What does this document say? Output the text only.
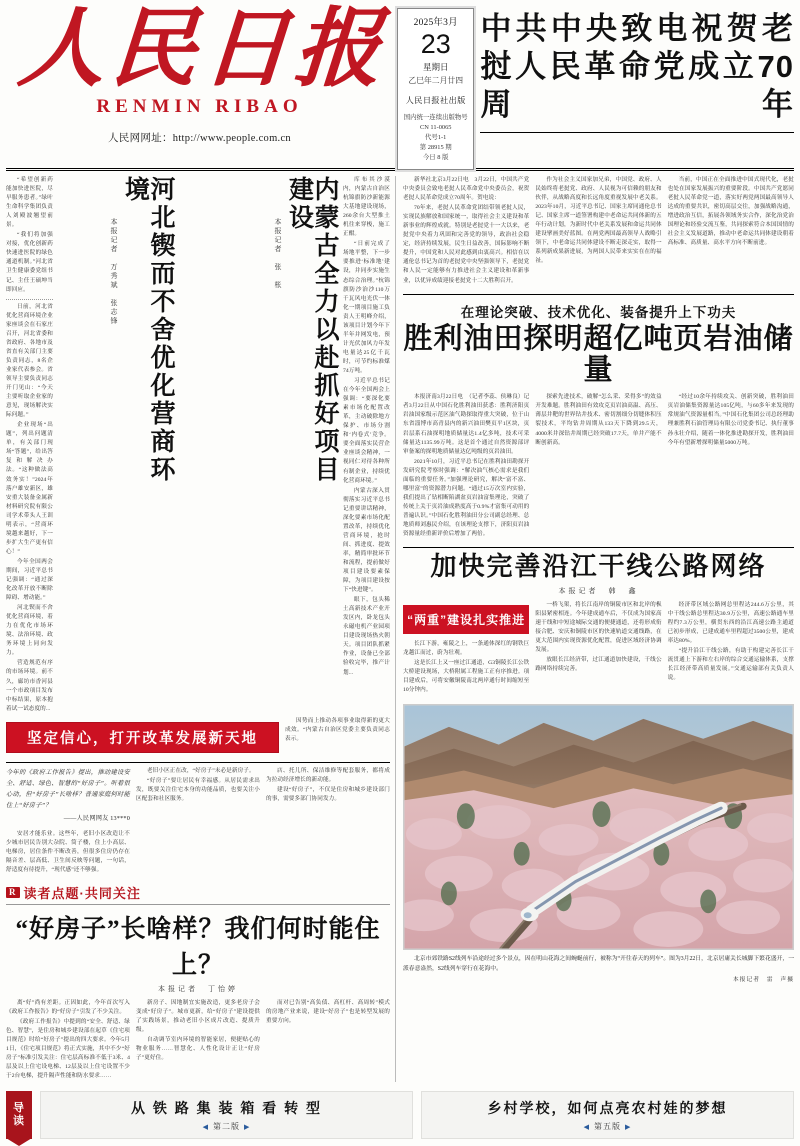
人民日报
RENMIN RIBAO
人民网网址：http://www.people.com.cn
2025年3月
23
星期日
乙巳年二月廿四
人民日报社出版
国内统一连续出版物号
CN 11-0065
代号1-1
第 28915 期
今日 8 版
中共中央致电祝贺老挝人民革命党成立70周年

“希望创新药能加快进医院，尽早服务患者。”绿叶生命科学集团负责人刘殿波翘望前景。

“我们将加强对接，优化创新药快速进医院的绿色通道机制。”河北省卫生健康委党组书记、主任王硕坤当即回应。

日前，河北省优化营商环境企业家座谈会在石家庄召开，河北省委和省政府、各地市及省直有关部门主要负责同志，8名企业家代表参会。省领导主要负责同志开门见山：“今天主要听取企业家的意见，现场解决实际问题。”

企业现场“出题”，列出问题清单，有关部门现场“答题”，给出答复和解决办法。“这种做法高效务实！”2024年落户雄安新区，雄安重大装备金属新材料研究院有限公司学术带头人王训明表示，“营商环境越来越好，下一步扩大生产更有信心！”

今年全国两会期间，习近平总书记强调：“通过深化改革开放不断除障碍、增动能。”

河北锲而不舍优化营商环境，着力在优化市场环境、法治环境、政务环境上同向发力。

营造规范有序的市场环境。前不久，廊坊市香河县一个市政项目发布中标结果，原本抱着试一试态度的...

河北锲而不舍优化营商环境
本报记者　万秀斌　张志锋	内蒙古全力以赴抓好项目建设
本报记者　张　枨

库布其沙漠内，内蒙古自治区杭锦旗防沙新能源大基地建设现场，260余台大型推土机往来穿梭，施工正酣。

“日前完成了场地平整，下一步要推进‘标准地’建设，并同步实施生态综合治理。”杭锦旗防沙治沙110万千瓦风电光伏一体化一期项目施工负责人王明峰介绍，该项目计划今年下半年并网发电，预计光伏加风力年发电量达25亿千瓦时，可节约标准煤74万吨。

习近平总书记在今年全国两会上强调：“要深化要素市场化配置改革，主动破除地方保护、市场分割和‘内卷式’竞争。要全面落实民营企业座谈会精神，一视同仁对待各种所有制企业，持续优化营商环境。”

内蒙古深入贯彻落实习近平总书记重要讲话精神，深化要素市场化配置改革，持续优化营商环境，抢时间、抓进度、提效率，精简审批环节和流程，提前做好项目建设要素保障，为项目建设按下“快进键”。

眼下，包头稀土高新技术产业开发区内，卧龙包头永磁电机产业园项目建设现场热火朝天。项目团队抓紧作业，设备已全部验收完毕，推产计划...

坚定信心，打开改革发展新天地

因势而上推动各项事业取得新的更大成效。“内蒙古自治区党委主要负责同志表示。

今年的《政府工作报告》提出，推动建设安全、舒适、绿色、智慧的“好房子”。听着很心动，但“好房子”长啥样？普通家庭何时能住上“好房子”？
——人民网网友 13***0

安居才能乐业。这些年，老旧小区改造让不少城市居民告别大杂院、筒子楼，住上小高层、电梯房，居住条件不断改善，但很多住房仍存在隔音差、层高低、卫生间反映等问题，一句话，舒适度有待提升，“现代感”还不够强。

老旧小区正在改，“好房子”未必是新房子。

“好房子”要让居民有幸福感。从居民需求出发，既要关注住宅本身的功能品质，也要关注小区配套和社区服务。

店、托儿所、保洁维修等配套服务，都将成为拉动经济增长的新动能。

建设“好房子”，不仅是住房和城乡建设部门的事，需要多部门协同发力。

R 读者点题·共同关注
“好房子”长啥样？我们何时能住上？
本报记者　丁怡婷

离“好”尚有差距。正因如此，今年首次写入《政府工作报告》的“好房子”引发了不少关注。

《政府工作报告》中提到的“安全、舒适、绿色、智慧”，是住房和城乡建设部在起草《住宅项目规范》时给“好房子”提出的四大要求。今年5月1日，《住宅项目规范》将正式实施，其中不少“好房子”标准引发关注：住宅层高标准不低于3米、4层及以上住宅设电梯、12层及以上住宅设置不少于2台电梯，提升隔声性能和防水要求……

新房子、因地制宜实施改造，更多老房子会变成“好房子”。城市更新，给“好房子”建设提供了实践场景，推动老旧小区成片改造、提质升级。

自动调节室内环境的智能家居，便捷贴心的物业服务……智慧化、人性化设计正让“好房子”更好住。

而对已告别“高负债、高杠杆、高周转”模式的房地产业来说，建设“好房子”也是转型发展的重要方向。

新华社北京3月22日电　3月22日，中国共产党中央委员会致电老挝人民革命党中央委员会，祝贺老挝人民革命党成立70周年。贺电说：

70年来，老挝人民革命党团结带领老挝人民，实现民族解放和国家统一，取得社会主义建设和革新事业的辉煌成就。特别是老挝党十一大以来，老挝党中央着力巩固和完善党的领导，政治社会稳定，经济持续发展，民生日益改善，国际影响不断提升，中国党和人民对此感到由衷高兴。相信在以通伦总书记为首的老挝党中央坚强领导下，老挝党和人民一定能够有力推进社会主义建设和革新事业，以优异成绩迎接老挝党十二大胜利召开。

作为社会主义国家加兄弟，中国党、政府、人民始终将老挝党、政府、人民视为可信赖的朋友和伙伴，从战略高度和长远角度重视发展中老关系。2023年10月，习近平总书记、国家主席同通伦总书记、国家主席一道签署构建中老命运共同体新的五年行动计划，为新时代中老关系发展和命运共同体建设擘画美好蓝图。在两党两国最高领导人战略引领下，中老命运共同体建设不断走深走实，取得一系列新成果新进展，为两国人民带来实实在在的福祉。

当前，中国正在全面推进中国式现代化，老挝也处在国家发展振兴的重要阶段。中国共产党愿同老挝人民革命党一道，落实好两党两国最高领导人达成的重要共识，密切高层交往，加强战略沟通，增进政治互信，拓展各领域务实合作，深化治党治国理论和经验交流互鉴，共同探索符合本国国情的社会主义发展道路，推动中老命运共同体建设朝着高标准、高质量、高水平方向不断前进。

在理论突破、技术优化、装备提升上下功夫
胜利油田探明超亿吨页岩油储量

本报济南3月22日电　（记者李蕊、侯琳良）记者3月22日从中国石化胜利油田获悉：胜利济阳页岩油国家级示范区油气勘探取得重大突破，位于山东省淄博市高青县内的新兴油田樊页平1区块，页岩层系石油探明地质储量达1.4亿多吨，技术可采储量达1135.99万吨。这是首个通过自然资源部评审备案的探明地质储量达亿吨级的页岩油田。

2021年10月，习近平总书记在胜利油田勘探开发研究院考察时强调：“解决油气核心需求是我们面临的重要任务。”加强理论研究，解决“富不富、哪里富”的资源潜力问题。“通过15万次室内实验，我们提出了钻相断陷湖盆页岩油富集理论，突破了传统上关于页岩油成熟度高于0.9%才富集可动用的普遍认识。”中国石化胜利油田分公司副总经理、总地质师刘惠民介绍，在该理论支撑下，济阳页岩油资源量经重新评价后增加了两倍。

探索先进技术，破解“怎么采、采得多”的效益开发难题。胜利油田有效攻克页岩油高温、高压、薄层井靶的世界钻井技术、密切割细分切缝体积压裂技术，平均钻井周期从133天下降到29.5天，4000米井深钻井周期已经突破17.7天，单井产能不断创新高。

“经过10余年持续攻关、创新突破，胜利油田页岩油储集资源量达105亿吨，与60多年来发现的常规油气资源量相当。”中国石化集团公司总经理助理兼胜利石油管理局有限公司党委书记、执行董事孙永壮介绍，随着一体化推进勘探开发，胜利油田今年有望新增探明储量5000万吨。

加快完善沿江干线公路网络
本报记者　韩　鑫
“两重”建设扎实推进

长江下游，雍陵之上，一条通体深红的钢铁巨龙越江而过，蔚为壮观。

这是长江上又一座过江通道，G3铜陵长江公铁大桥建设现场，大桥附属工程施工正有序推进。项目建成后，可将安徽铜陵南北两岸通行时间缩短至10分钟内。

一桥飞架，将长江南岸的铜陵市区和北岸的枞阳县紧密相连。今年建成通车后，不仅成为国家高速干线和中短途城际交通的便捷通道，还将形成衔接合肥、安庆和铜陵市区的快速轨道交通线路，在更大范围内实现资源优化配置，促进区域经济协调发展。

放眼长江经济带，过江通道加快建设，干线公路网络持续完善。

经济带区域公路网总里程达244.6万公里，其中干线公路总里程达30.9万公里，高速公路通车里程约7.3万公里，横贯东西的沿江高速公路主通道已初步形成，已建成通车里程超过3500公里，建成率达80%。

“提升沿江干线公路，有助于构建完善长江干流贯通上下游和左右岸的综合交通运输体系，支撑长江经济带高质量发展。”交通运输部有关负责人说。

北京市郊铁路S2线列车沿途经过多个景点，因在明山花海之间蜿蜒前行，被称为“开往春天的列车”。图为3月22日，北京居庸关长城脚下繁花盛开，一派春意盎然，S2线列车穿行在花海中。
本报记者　雷　声摄
导
读
从 铁 路 集 装 箱 看 转 型
◀ 第二版 ▶
乡村学校，如何点亮农村娃的梦想
◀ 第五版 ▶
